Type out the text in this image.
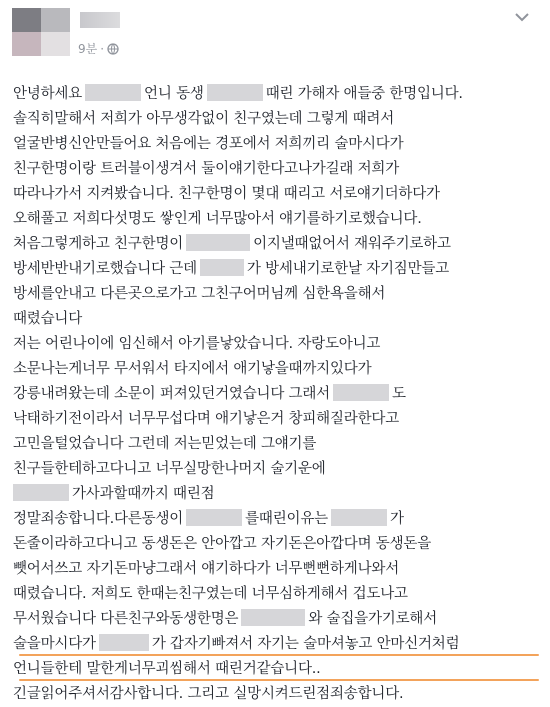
9분 ·
안녕하세요	언니 동생	때린 가해자 애들중 한명입니다.
솔직히말해서 저희가 아무생각없이 친구였는데 그렇게 때려서
얼굴반병신안만들어요 처음에는 경포에서 저희끼리 술마시다가
친구한명이랑 트러블이생겨서 둘이얘기한다고나가길래 저희가
따라나가서 지켜봤습니다. 친구한명이 몇대 때리고 서로얘기더하다가
오해풀고 저희다섯명도 쌓인게 너무많아서 얘기를하기로했습니다.
처음그렇게하고 친구한명이	이지낼때없어서 재워주기로하고
방세반반내기로했습니다 근데	가 방세내기로한날 자기짐만들고
방세를안내고 다른곳으로가고 그친구어머님께 심한욕을해서
때렸습니다
저는 어린나이에 임신해서 아기를낳았습니다. 자랑도아니고
소문나는게너무 무서워서 타지에서 애기낳을때까지있다가
강릉내려왔는데 소문이 퍼져있던거였습니다 그래서	도
낙태하기전이라서 너무무섭다며 애기낳은거 창피해질라한다고
고민을털었습니다 그런데 저는믿었는데 그얘기를
친구들한테하고다니고 너무실망한나머지 술기운에
가사과할때까지 때린점
정말죄송합니다.다른동생이	를때린이유는	가
돈줄이라하고다니고 동생돈은 안아깝고 자기돈은아깝다며 동생돈을
뺏어서쓰고 자기돈마냥그래서 얘기하다가 너무뻔뻔하게나와서
때렸습니다. 저희도 한때는친구였는데 너무심하게해서 겁도나고
무서웠습니다 다른친구와동생한명은	와 술집을가기로해서
술을마시다가	가 갑자기빠져서 자기는 술마셔놓고 안마신거처럼
언니들한테 말한게너무괴씸해서 때린거같습니다..
긴글읽어주셔서감사합니다. 그리고 실망시켜드린점죄송합니다.
